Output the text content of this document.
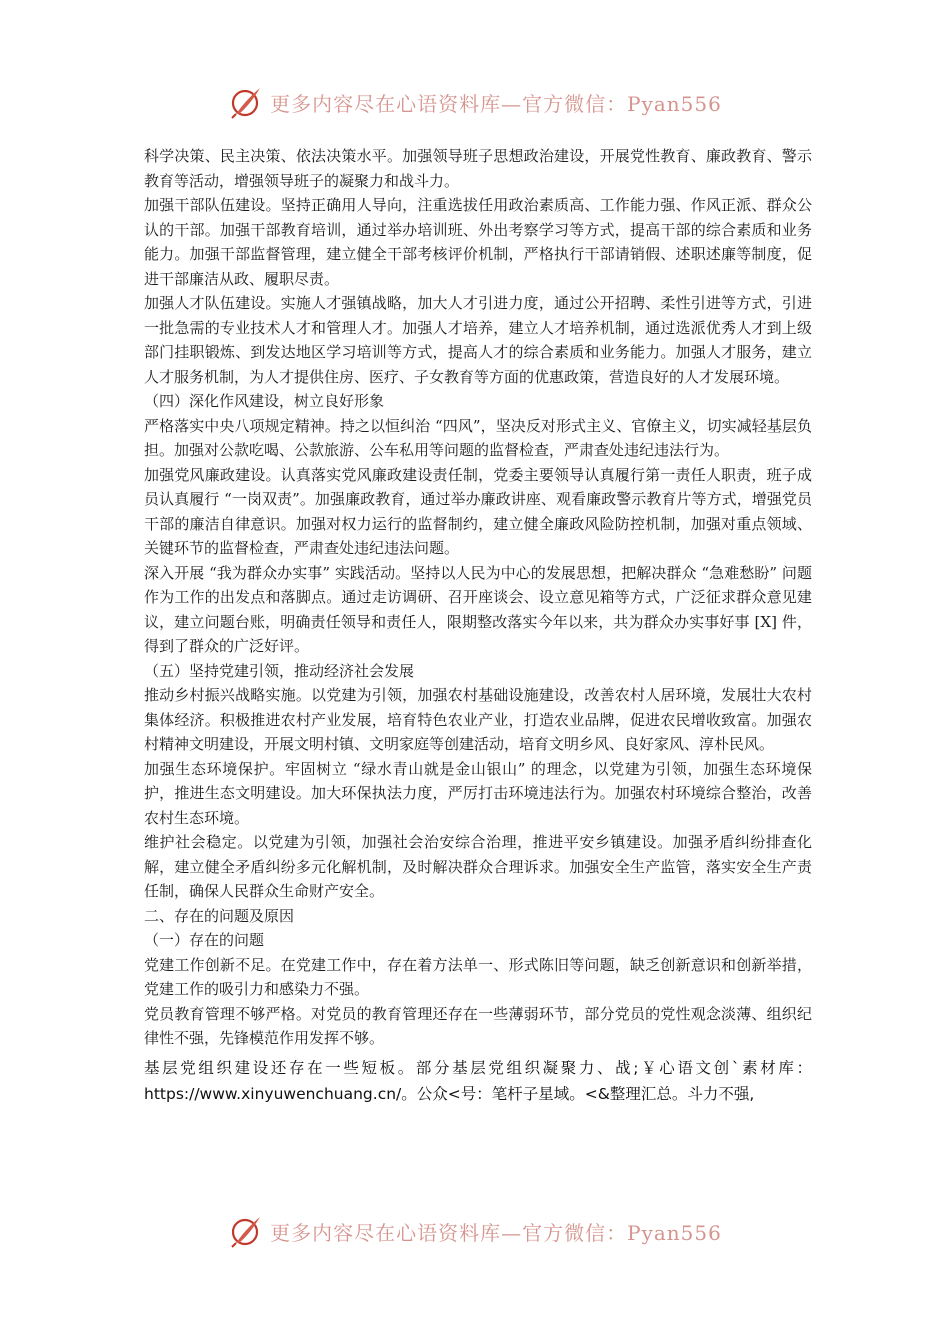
更多内容尽在心语资料库—官方微信：Pyan556

科学决策、民主决策、依法决策水平。加强领导班子思想政治建设，开展党性教育、廉政教育、警示教育等活动，增强领导班子的凝聚力和战斗力。

加强干部队伍建设。坚持正确用人导向，注重选拔任用政治素质高、工作能力强、作风正派、群众公认的干部。加强干部教育培训，通过举办培训班、外出考察学习等方式，提高干部的综合素质和业务能力。加强干部监督管理，建立健全干部考核评价机制，严格执行干部请销假、述职述廉等制度，促进干部廉洁从政、履职尽责。

加强人才队伍建设。实施人才强镇战略，加大人才引进力度，通过公开招聘、柔性引进等方式，引进一批急需的专业技术人才和管理人才。加强人才培养，建立人才培养机制，通过选派优秀人才到上级部门挂职锻炼、到发达地区学习培训等方式，提高人才的综合素质和业务能力。加强人才服务，建立人才服务机制，为人才提供住房、医疗、子女教育等方面的优惠政策，营造良好的人才发展环境。

（四）深化作风建设，树立良好形象

严格落实中央八项规定精神。持之以恒纠治 “四风”，坚决反对形式主义、官僚主义，切实减轻基层负担。加强对公款吃喝、公款旅游、公车私用等问题的监督检查，严肃查处违纪违法行为。

加强党风廉政建设。认真落实党风廉政建设责任制，党委主要领导认真履行第一责任人职责，班子成员认真履行 “一岗双责”。加强廉政教育，通过举办廉政讲座、观看廉政警示教育片等方式，增强党员干部的廉洁自律意识。加强对权力运行的监督制约，建立健全廉政风险防控机制，加强对重点领域、关键环节的监督检查，严肃查处违纪违法问题。

深入开展 “我为群众办实事” 实践活动。坚持以人民为中心的发展思想，把解决群众 “急难愁盼” 问题作为工作的出发点和落脚点。通过走访调研、召开座谈会、设立意见箱等方式，广泛征求群众意见建议，建立问题台账，明确责任领导和责任人，限期整改落实今年以来，共为群众办实事好事 [X] 件，得到了群众的广泛好评。

（五）坚持党建引领，推动经济社会发展

推动乡村振兴战略实施。以党建为引领，加强农村基础设施建设，改善农村人居环境，发展壮大农村集体经济。积极推进农村产业发展，培育特色农业产业，打造农业品牌，促进农民增收致富。加强农村精神文明建设，开展文明村镇、文明家庭等创建活动，培育文明乡风、良好家风、淳朴民风。

加强生态环境保护。牢固树立 “绿水青山就是金山银山” 的理念，以党建为引领，加强生态环境保护，推进生态文明建设。加大环保执法力度，严厉打击环境违法行为。加强农村环境综合整治，改善农村生态环境。

维护社会稳定。以党建为引领，加强社会治安综合治理，推进平安乡镇建设。加强矛盾纠纷排查化解，建立健全矛盾纠纷多元化解机制，及时解决群众合理诉求。加强安全生产监管，落实安全生产责任制，确保人民群众生命财产安全。

二、存在的问题及原因

（一）存在的问题

党建工作创新不足。在党建工作中，存在着方法单一、形式陈旧等问题，缺乏创新意识和创新举措，党建工作的吸引力和感染力不强。

党员教育管理不够严格。对党员的教育管理还存在一些薄弱环节，部分党员的党性观念淡薄、组织纪律性不强，先锋模范作用发挥不够。

基层党组织建设还存在一些短板。部分基层党组织凝聚力、战;￥心语文创`素材库：https://www.xinyuwenchuang.cn/。公众<号：笔杆子星域。<&整理汇总。斗力不强,

更多内容尽在心语资料库—官方微信：Pyan556
